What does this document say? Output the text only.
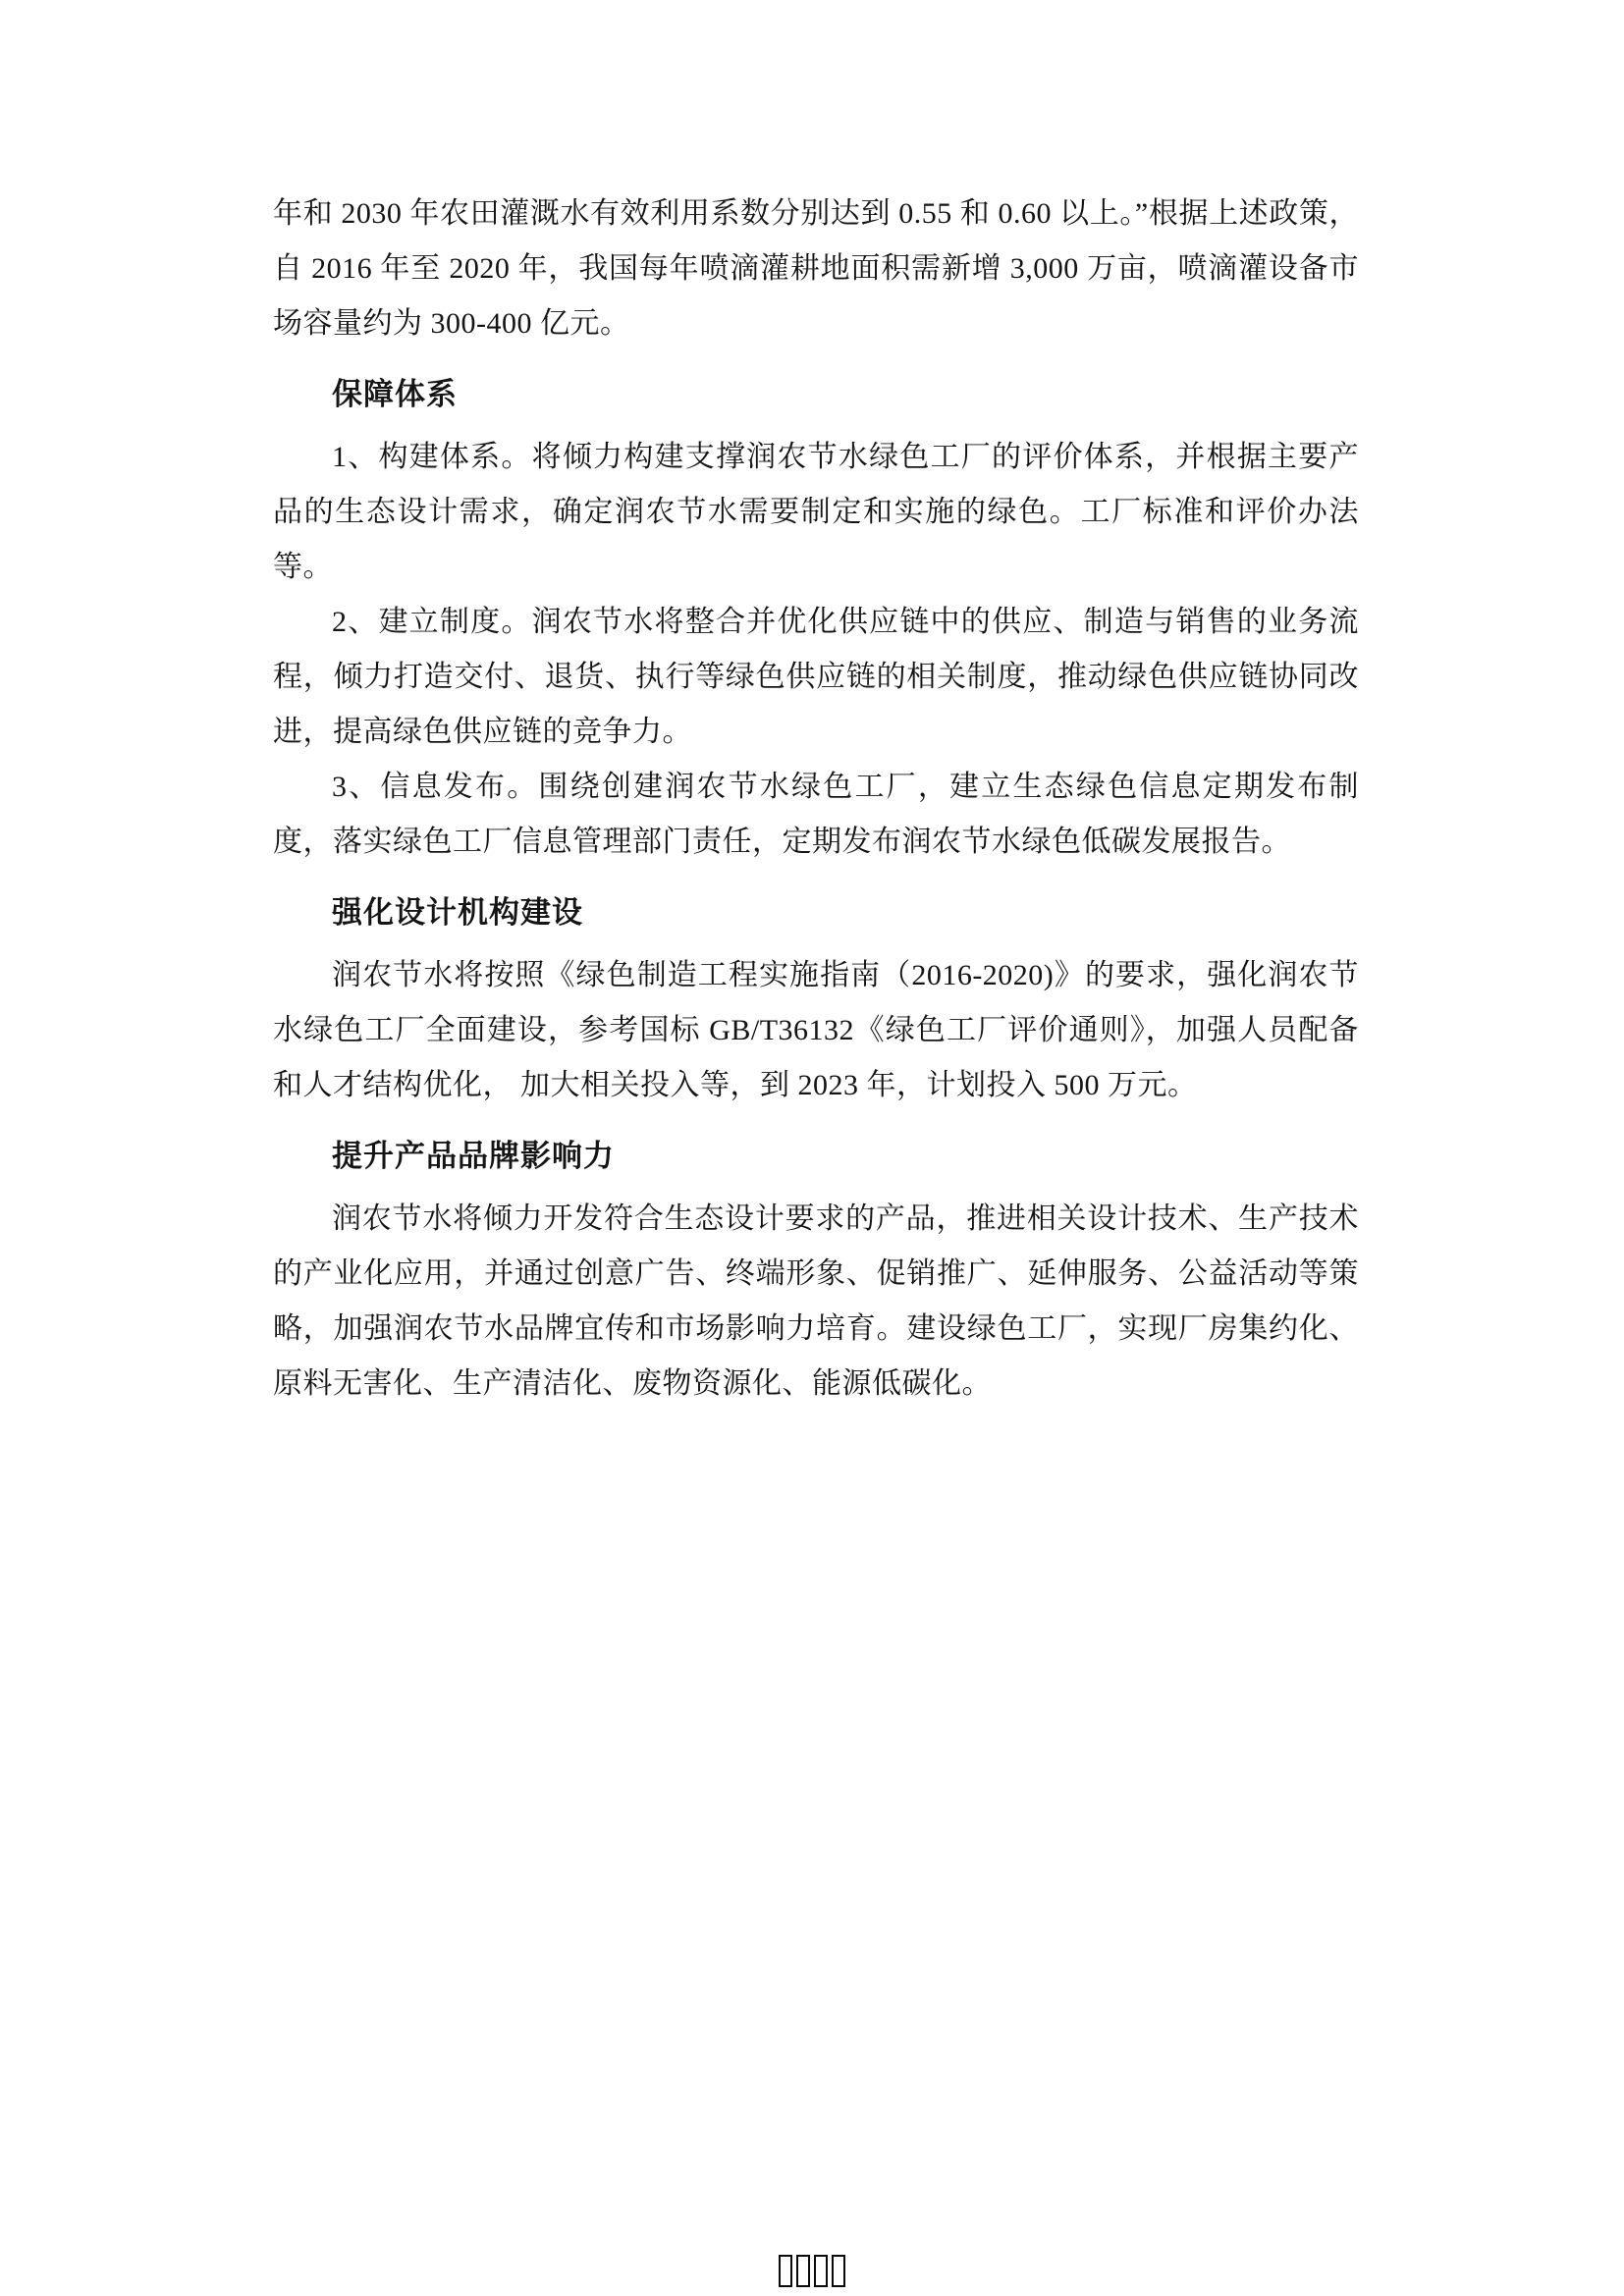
年和 2030 年农田灌溉水有效利用系数分别达到 0.55 和 0.60 以上。”根据上述政策，自 2016 年至 2020 年，我国每年喷滴灌耕地面积需新增 3,000 万亩，喷滴灌设备市场容量约为 300-400 亿元。

保障体系

1、构建体系。将倾力构建支撑润农节水绿色工厂的评价体系，并根据主要产品的生态设计需求，确定润农节水需要制定和实施的绿色。工厂标准和评价办法等。

2、建立制度。润农节水将整合并优化供应链中的供应、制造与销售的业务流程，倾力打造交付、退货、执行等绿色供应链的相关制度，推动绿色供应链协同改进，提高绿色供应链的竞争力。

3、信息发布。围绕创建润农节水绿色工厂，建立生态绿色信息定期发布制度，落实绿色工厂信息管理部门责任，定期发布润农节水绿色低碳发展报告。

强化设计机构建设

润农节水将按照《绿色制造工程实施指南（2016-2020)》的要求，强化润农节水绿色工厂全面建设，参考国标 GB/T36132《绿色工厂评价通则》，加强人员配备和人才结构优化， 加大相关投入等，到 2023 年，计划投入 500 万元。

提升产品品牌影响力

润农节水将倾力开发符合生态设计要求的产品，推进相关设计技术、生产技术的产业化应用，并通过创意广告、终端形象、促销推广、延伸服务、公益活动等策略，加强润农节水品牌宜传和市场影响力培育。建设绿色工厂，实现厂房集约化、原料无害化、生产清洁化、废物资源化、能源低碳化。
